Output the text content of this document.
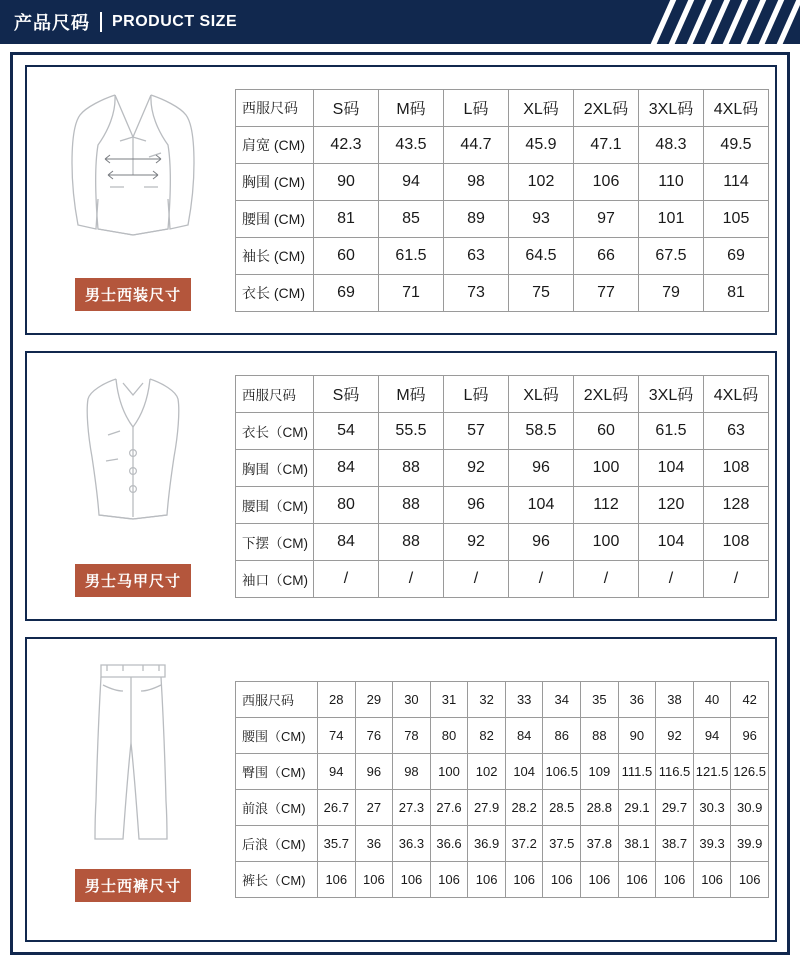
产品尺码 PRODUCT SIZE
男士西装尺寸
西服尺码	S码	M码	L码	XL码	2XL码	3XL码	4XL码
肩宽 (CM)	42.3	43.5	44.7	45.9	47.1	48.3	49.5
胸围 (CM)	90	94	98	102	106	110	114
腰围 (CM)	81	85	89	93	97	101	105
袖长 (CM)	60	61.5	63	64.5	66	67.5	69
衣长 (CM)	69	71	73	75	77	79	81
男士马甲尺寸
西服尺码	S码	M码	L码	XL码	2XL码	3XL码	4XL码
衣长（CM)	54	55.5	57	58.5	60	61.5	63
胸围（CM)	84	88	92	96	100	104	108
腰围（CM)	80	88	96	104	112	120	128
下摆（CM)	84	88	92	96	100	104	108
袖口（CM)	/	/	/	/	/	/	/
男士西裤尺寸
西服尺码	28	29	30	31	32	33	34	35	36	38	40	42
腰围（CM)	74	76	78	80	82	84	86	88	90	92	94	96
臀围（CM)	94	96	98	100	102	104	106.5	109	111.5	116.5	121.5	126.5
前浪（CM)	26.7	27	27.3	27.6	27.9	28.2	28.5	28.8	29.1	29.7	30.3	30.9
后浪（CM)	35.7	36	36.3	36.6	36.9	37.2	37.5	37.8	38.1	38.7	39.3	39.9
裤长（CM)	106	106	106	106	106	106	106	106	106	106	106	106
